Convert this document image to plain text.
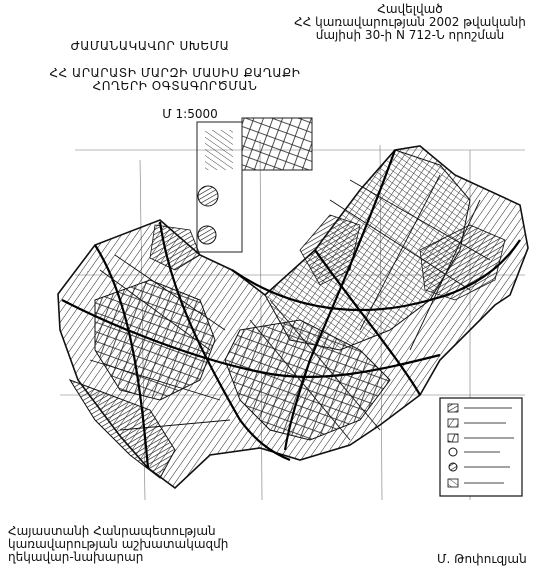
Հավելված
ՀՀ կառավարության 2002 թվականի
մայիսի 30-ի N 712-Ն որոշման
ԺԱՄԱՆԱԿԱՎՈՐ ՍԽԵՄԱ
ՀՀ ԱՐԱՐԱՏԻ ՄԱՐԶԻ ՄԱՍԻՍ ՔԱՂԱՔԻ
ՀՈՂԵՐԻ ՕԳՏԱԳՈՐԾՄԱՆ
Մ 1:5000
Հայաստանի Հանրապետության
կառավարության աշխատակազմի
ղեկավար-նախարար	Մ. Թոփուզյան
